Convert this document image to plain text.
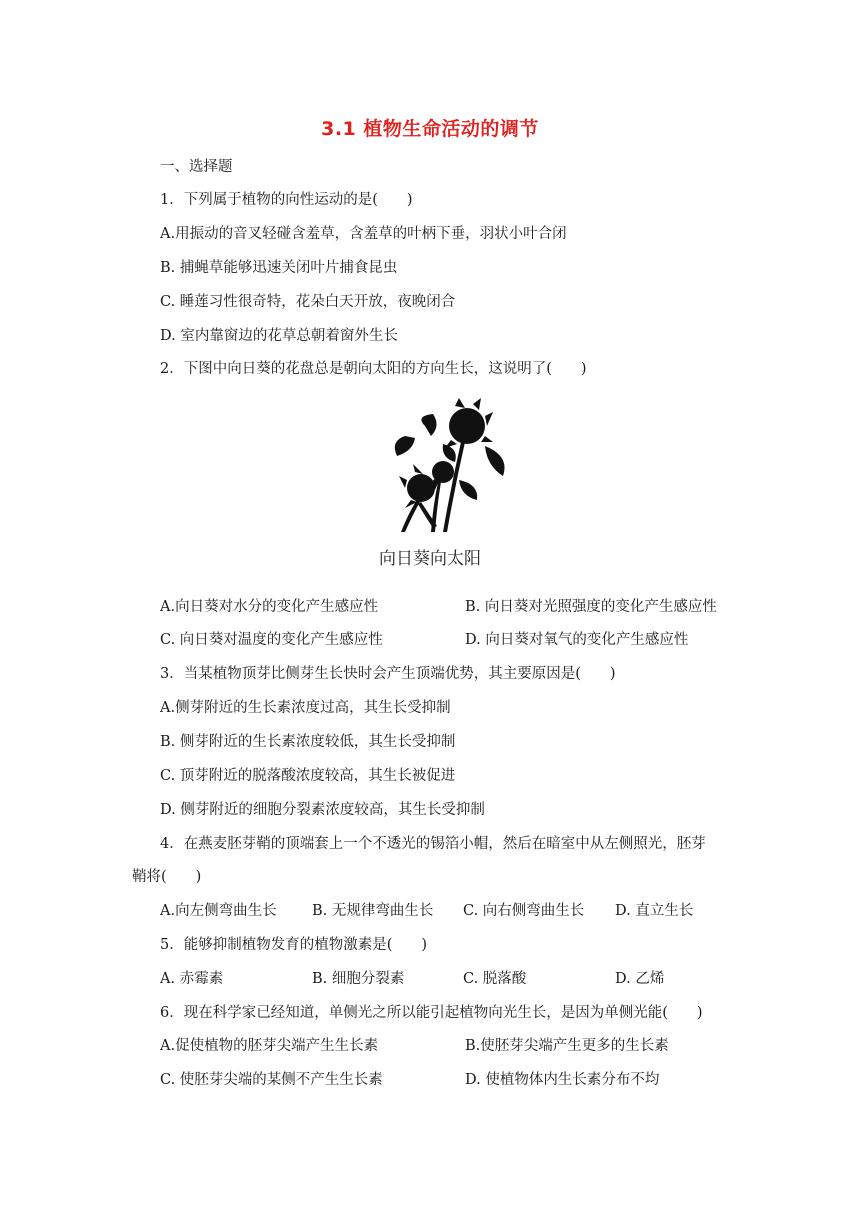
3.1 植物生命活动的调节
一、选择题
1．下列属于植物的向性运动的是(　　)
A.用振动的音叉轻碰含羞草，含羞草的叶柄下垂，羽状小叶合闭
B. 捕蝇草能够迅速关闭叶片捕食昆虫
C. 睡莲习性很奇特，花朵白天开放，夜晚闭合
D. 室内靠窗边的花草总朝着窗外生长
2．下图中向日葵的花盘总是朝向太阳的方向生长，这说明了(　　)
向日葵向太阳
A.向日葵对水分的变化产生感应性	B. 向日葵对光照强度的变化产生感应性
C. 向日葵对温度的变化产生感应性	D. 向日葵对氧气的变化产生感应性
3．当某植物顶芽比侧芽生长快时会产生顶端优势，其主要原因是(　　)
A.侧芽附近的生长素浓度过高，其生长受抑制
B. 侧芽附近的生长素浓度较低，其生长受抑制
C. 顶芽附近的脱落酸浓度较高，其生长被促进
D. 侧芽附近的细胞分裂素浓度较高，其生长受抑制
4．在燕麦胚芽鞘的顶端套上一个不透光的锡箔小帽，然后在暗室中从左侧照光，胚芽
鞘将(　　)
A.向左侧弯曲生长 B. 无规律弯曲生长 C. 向右侧弯曲生长 D. 直立生长
5．能够抑制植物发育的植物激素是(　　)
A. 赤霉素	B. 细胞分裂素	C. 脱落酸	D. 乙烯
6．现在科学家已经知道，单侧光之所以能引起植物向光生长，是因为单侧光能(　　)
A.促使植物的胚芽尖端产生生长素	B.使胚芽尖端产生更多的生长素
C. 使胚芽尖端的某侧不产生生长素	D. 使植物体内生长素分布不均
